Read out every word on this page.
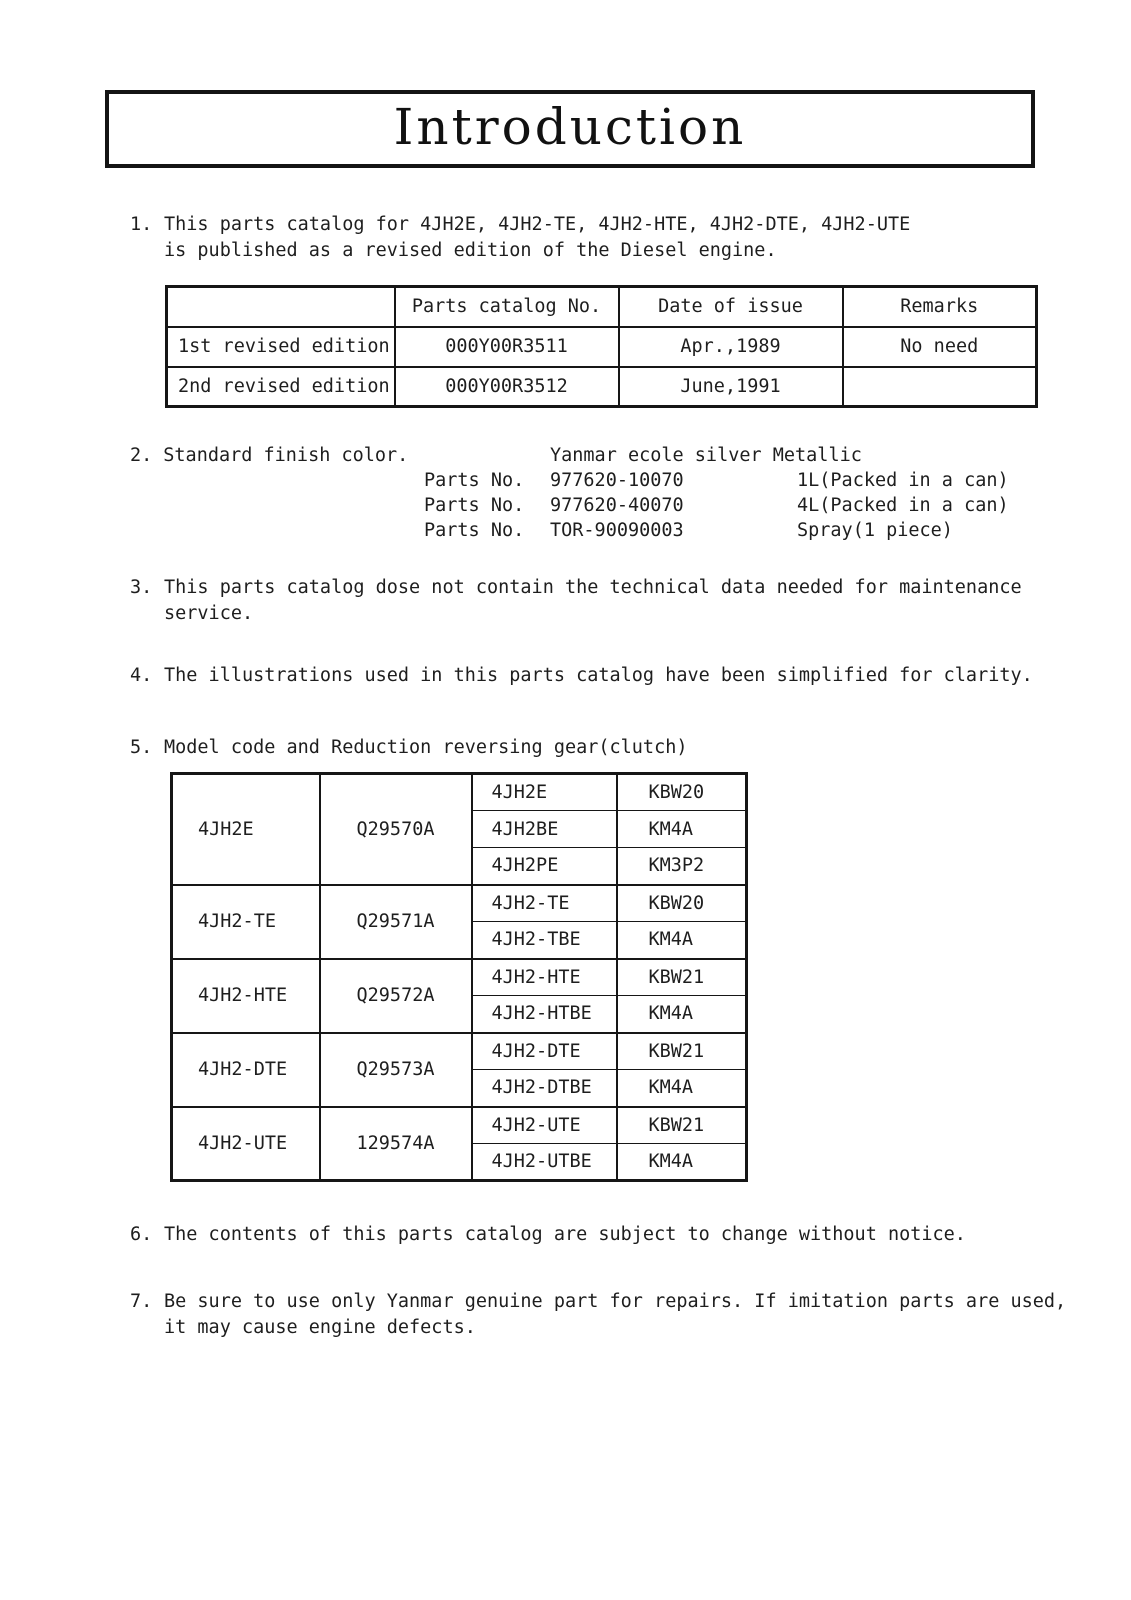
Introduction
1. This parts catalog for 4JH2E, 4JH2-TE, 4JH2-HTE, 4JH2-DTE, 4JH2-UTE
is published as a revised edition of the Diesel engine.
	Parts catalog No.	Date of issue	Remarks
1st revised edition	000Y00R3511	Apr.,1989	No need
2nd revised edition	000Y00R3512	June,1991	
2. Standard finish color.	Yanmar ecole silver Metallic
Parts No. 977620-10070	1L(Packed in a can)
Parts No. 977620-40070	4L(Packed in a can)
Parts No. TOR-90090003	Spray(1 piece)
3. This parts catalog dose not contain the technical data needed for maintenance
service.
4. The illustrations used in this parts catalog have been simplified for clarity.
5. Model code and Reduction reversing gear(clutch)
4JH2E	Q29570A	4JH2E	KBW20
		4JH2BE	KM4A
		4JH2PE	KM3P2
4JH2-TE	Q29571A	4JH2-TE	KBW20
		4JH2-TBE	KM4A
4JH2-HTE	Q29572A	4JH2-HTE	KBW21
		4JH2-HTBE	KM4A
4JH2-DTE	Q29573A	4JH2-DTE	KBW21
		4JH2-DTBE	KM4A
4JH2-UTE	129574A	4JH2-UTE	KBW21
		4JH2-UTBE	KM4A
6. The contents of this parts catalog are subject to change without notice.
7. Be sure to use only Yanmar genuine part for repairs. If imitation parts are used,
it may cause engine defects.
